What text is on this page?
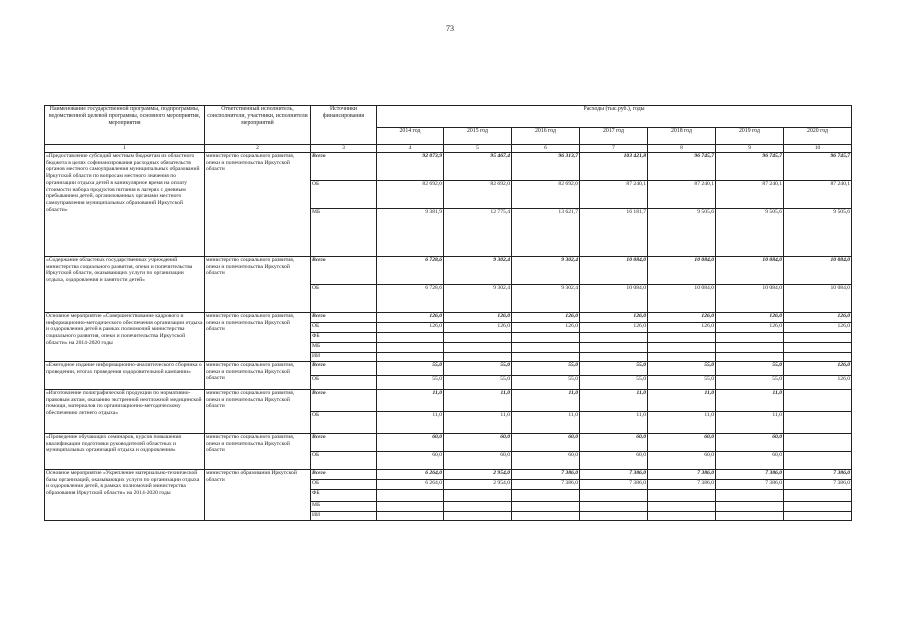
73
Наименование государственной программы, подпрограммы, ведомственной целевой программы, основного мероприятия, мероприятия	Ответственный исполнитель, соисполнители, участники, исполнители мероприятий	Источники финансирования	Расходы (тыс.руб.), годы						
			2014 год	2015 год	2016 год	2017 год	2018 год	2019 год	2020 год
1	2	3	4	5	6	7	8	9	10
«Предоставление субсидий местным бюджетам из областного бюджета в целях софинансирования расходных обязательств органов местного самоуправления муниципальных образований Иркутской области по вопросам местного значения по организации отдыха детей в каникулярное время на оплату стоимости набора продуктов питания в лагерях с дневным пребыванием детей, организованных органами местного самоуправления муниципальных образований Иркутской области»	министерство социального развития, опеки и попечительства Иркутской области	Всего	92 073,9	95 467,4	96 313,7	103 421,8	96 745,7	96 745,7	96 745,7
		ОБ	82 692,0	82 692,0	82 692,0	87 240,1	87 240,1	87 240,1	87 240,1
		МБ	9 381,9	12 775,4	13 621,7	16 181,7	9 505,6	9 505,6	9 505,6
«Содержание областных государственных учреждений министерства социального развития, опеки и попечительства Иркутской области, оказывающих услуги по организации отдыха, оздоровления и занятости детей»	министерство социального развития, опеки и попечительства Иркутской области	Всего	6 728,6	9 302,4	9 302,4	10 084,0	10 084,0	10 084,0	10 084,0
		ОБ	6 728,6	9 302,4	9 302,4	10 084,0	10 084,0	10 084,0	10 084,0
Основное мероприятие «Совершенствование кадрового и информационно-методического обеспечения организации отдыха и оздоровления детей в рамках полномочий министерства социального развития, опеки и попечительства Иркутской области» на 2014-2020 годы	министерство социального развития, опеки и попечительства Иркутской области	Всего	126,0	126,0	126,0	126,0	126,0	126,0	126,0
		ОБ	126,0	126,0	126,0	126,0	126,0	126,0	126,0
		ФБ							
		МБ							
		ИИ							
«Ежегодное издание информационно-аналитического сборника о проведении, итогах проведения оздоровительной кампании»	министерство социального развития, опеки и попечительства Иркутской области	Всего	55,0	55,0	55,0	55,0	55,0	55,0	126,0
		ОБ	55,0	55,0	55,0	55,0	55,0	55,0	126,0
«Изготовление полиграфической продукции по нормативно-правовым актам, оказанию экстренной неотложной медицинской помощи, материалов по организационно-методическому обеспечению летнего отдыха»	министерство социального развития, опеки и попечительства Иркутской области	Всего	11,0	11,0	11,0	11,0	11,0	11,0	
		ОБ	11,0	11,0	11,0	11,0	11,0	11,0	
«Проведение обучающих семинаров, курсов повышения квалификации подготовки руководителей областных и муниципальных организаций отдыха и оздоровления»	министерство социального развития, опеки и попечительства Иркутской области	Всего	60,0	60,0	60,0	60,0	60,0	60,0	
		ОБ	60,0	60,0	60,0	60,0	60,0	60,0	
Основное мероприятие «Укрепление материально-технической базы организаций, оказывающих услуги по организации отдыха и оздоровления детей, в рамках полномочий министерства образования Иркутской области» на 2014-2020 годы	министерство образования Иркутской области	Всего	6 264,0	2 954,0	7 386,0	7 386,0	7 386,0	7 386,0	7 386,0
		ОБ	6 264,0	2 954,0	7 386,0	7 386,0	7 386,0	7 386,0	7 386,0
		ФБ							
		МБ							
		ИИ							
